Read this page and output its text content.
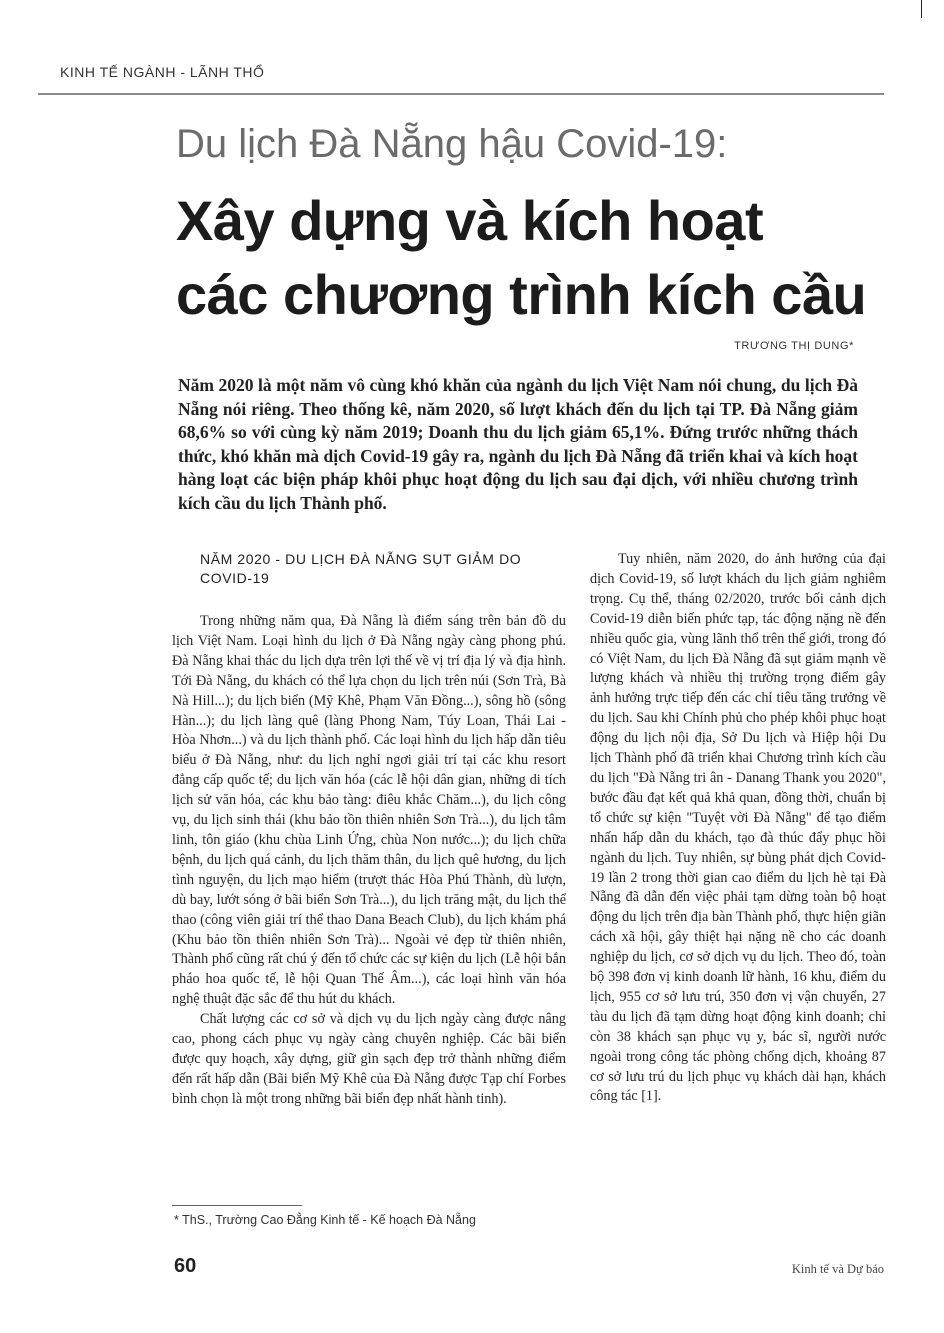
KINH TẾ NGÀNH - LÃNH THỔ
Du lịch Đà Nẵng hậu Covid-19:
Xây dựng và kích hoạt
các chương trình kích cầu
TRƯƠNG THỊ DUNG*

Năm 2020 là một năm vô cùng khó khăn của ngành du lịch Việt Nam nói chung, du lịch Đà Nẵng nói riêng. Theo thống kê, năm 2020, số lượt khách đến du lịch tại TP. Đà Nẵng giảm 68,6% so với cùng kỳ năm 2019; Doanh thu du lịch giảm 65,1%. Đứng trước những thách thức, khó khăn mà dịch Covid-19 gây ra, ngành du lịch Đà Nẵng đã triển khai và kích hoạt hàng loạt các biện pháp khôi phục hoạt động du lịch sau đại dịch, với nhiều chương trình kích cầu du lịch Thành phố.

NĂM 2020 - DU LỊCH ĐÀ NẴNG SỤT GIẢM DO COVID-19

Trong những năm qua, Đà Nẵng là điểm sáng trên bản đồ du lịch Việt Nam. Loại hình du lịch ở Đà Nẵng ngày càng phong phú. Đà Nẵng khai thác du lịch dựa trên lợi thế về vị trí địa lý và địa hình. Tới Đà Nẵng, du khách có thể lựa chọn du lịch trên núi (Sơn Trà, Bà Nà Hill...); du lịch biển (Mỹ Khê, Phạm Văn Đồng...), sông hồ (sông Hàn...); du lịch làng quê (làng Phong Nam, Túy Loan, Thái Lai - Hòa Nhơn...) và du lịch thành phố. Các loại hình du lịch hấp dẫn tiêu biểu ở Đà Nẵng, như: du lịch nghỉ ngơi giải trí tại các khu resort đẳng cấp quốc tế; du lịch văn hóa (các lễ hội dân gian, những di tích lịch sử văn hóa, các khu bảo tàng: điêu khắc Chăm...), du lịch công vụ, du lịch sinh thái (khu bảo tồn thiên nhiên Sơn Trà...), du lịch tâm linh, tôn giáo (khu chùa Linh Ứng, chùa Non nước...); du lịch chữa bệnh, du lịch quá cảnh, du lịch thăm thân, du lịch quê hương, du lịch tình nguyện, du lịch mạo hiểm (trượt thác Hòa Phú Thành, dù lượn, dù bay, lướt sóng ở bãi biển Sơn Trà...), du lịch trăng mật, du lịch thể thao (công viên giải trí thể thao Dana Beach Club), du lịch khám phá (Khu bảo tồn thiên nhiên Sơn Trà)... Ngoài vẻ đẹp từ thiên nhiên, Thành phố cũng rất chú ý đến tổ chức các sự kiện du lịch (Lễ hội bắn pháo hoa quốc tế, lễ hội Quan Thế Âm...), các loại hình văn hóa nghệ thuật đặc sắc để thu hút du khách.

Chất lượng các cơ sở và dịch vụ du lịch ngày càng được nâng cao, phong cách phục vụ ngày càng chuyên nghiệp. Các bãi biển được quy hoạch, xây dựng, giữ gìn sạch đẹp trở thành những điểm đến rất hấp dẫn (Bãi biển Mỹ Khê của Đà Nẵng được Tạp chí Forbes bình chọn là một trong những bãi biển đẹp nhất hành tinh).

Tuy nhiên, năm 2020, do ảnh hưởng của đại dịch Covid-19, số lượt khách du lịch giảm nghiêm trọng. Cụ thể, tháng 02/2020, trước bối cảnh dịch Covid-19 diễn biến phức tạp, tác động nặng nề đến nhiều quốc gia, vùng lãnh thổ trên thế giới, trong đó có Việt Nam, du lịch Đà Nẵng đã sụt giảm mạnh về lượng khách và nhiều thị trường trọng điểm gây ảnh hưởng trực tiếp đến các chỉ tiêu tăng trưởng về du lịch. Sau khi Chính phủ cho phép khôi phục hoạt động du lịch nội địa, Sở Du lịch và Hiệp hội Du lịch Thành phố đã triển khai Chương trình kích cầu du lịch "Đà Nẵng tri ân - Danang Thank you 2020", bước đầu đạt kết quả khả quan, đồng thời, chuẩn bị tổ chức sự kiện "Tuyệt vời Đà Nẵng" để tạo điểm nhấn hấp dẫn du khách, tạo đà thúc đẩy phục hồi ngành du lịch. Tuy nhiên, sự bùng phát dịch Covid-19 lần 2 trong thời gian cao điểm du lịch hè tại Đà Nẵng đã dẫn đến việc phải tạm dừng toàn bộ hoạt động du lịch trên địa bàn Thành phố, thực hiện giãn cách xã hội, gây thiệt hại nặng nề cho các doanh nghiệp du lịch, cơ sở dịch vụ du lịch. Theo đó, toàn bộ 398 đơn vị kinh doanh lữ hành, 16 khu, điểm du lịch, 955 cơ sở lưu trú, 350 đơn vị vận chuyển, 27 tàu du lịch đã tạm dừng hoạt động kinh doanh; chỉ còn 38 khách sạn phục vụ y, bác sĩ, người nước ngoài trong công tác phòng chống dịch, khoảng 87 cơ sở lưu trú du lịch phục vụ khách dài hạn, khách công tác [1].

* ThS., Trường Cao Đẳng Kinh tế - Kế hoạch Đà Nẵng
60	Kinh tế và Dự báo
